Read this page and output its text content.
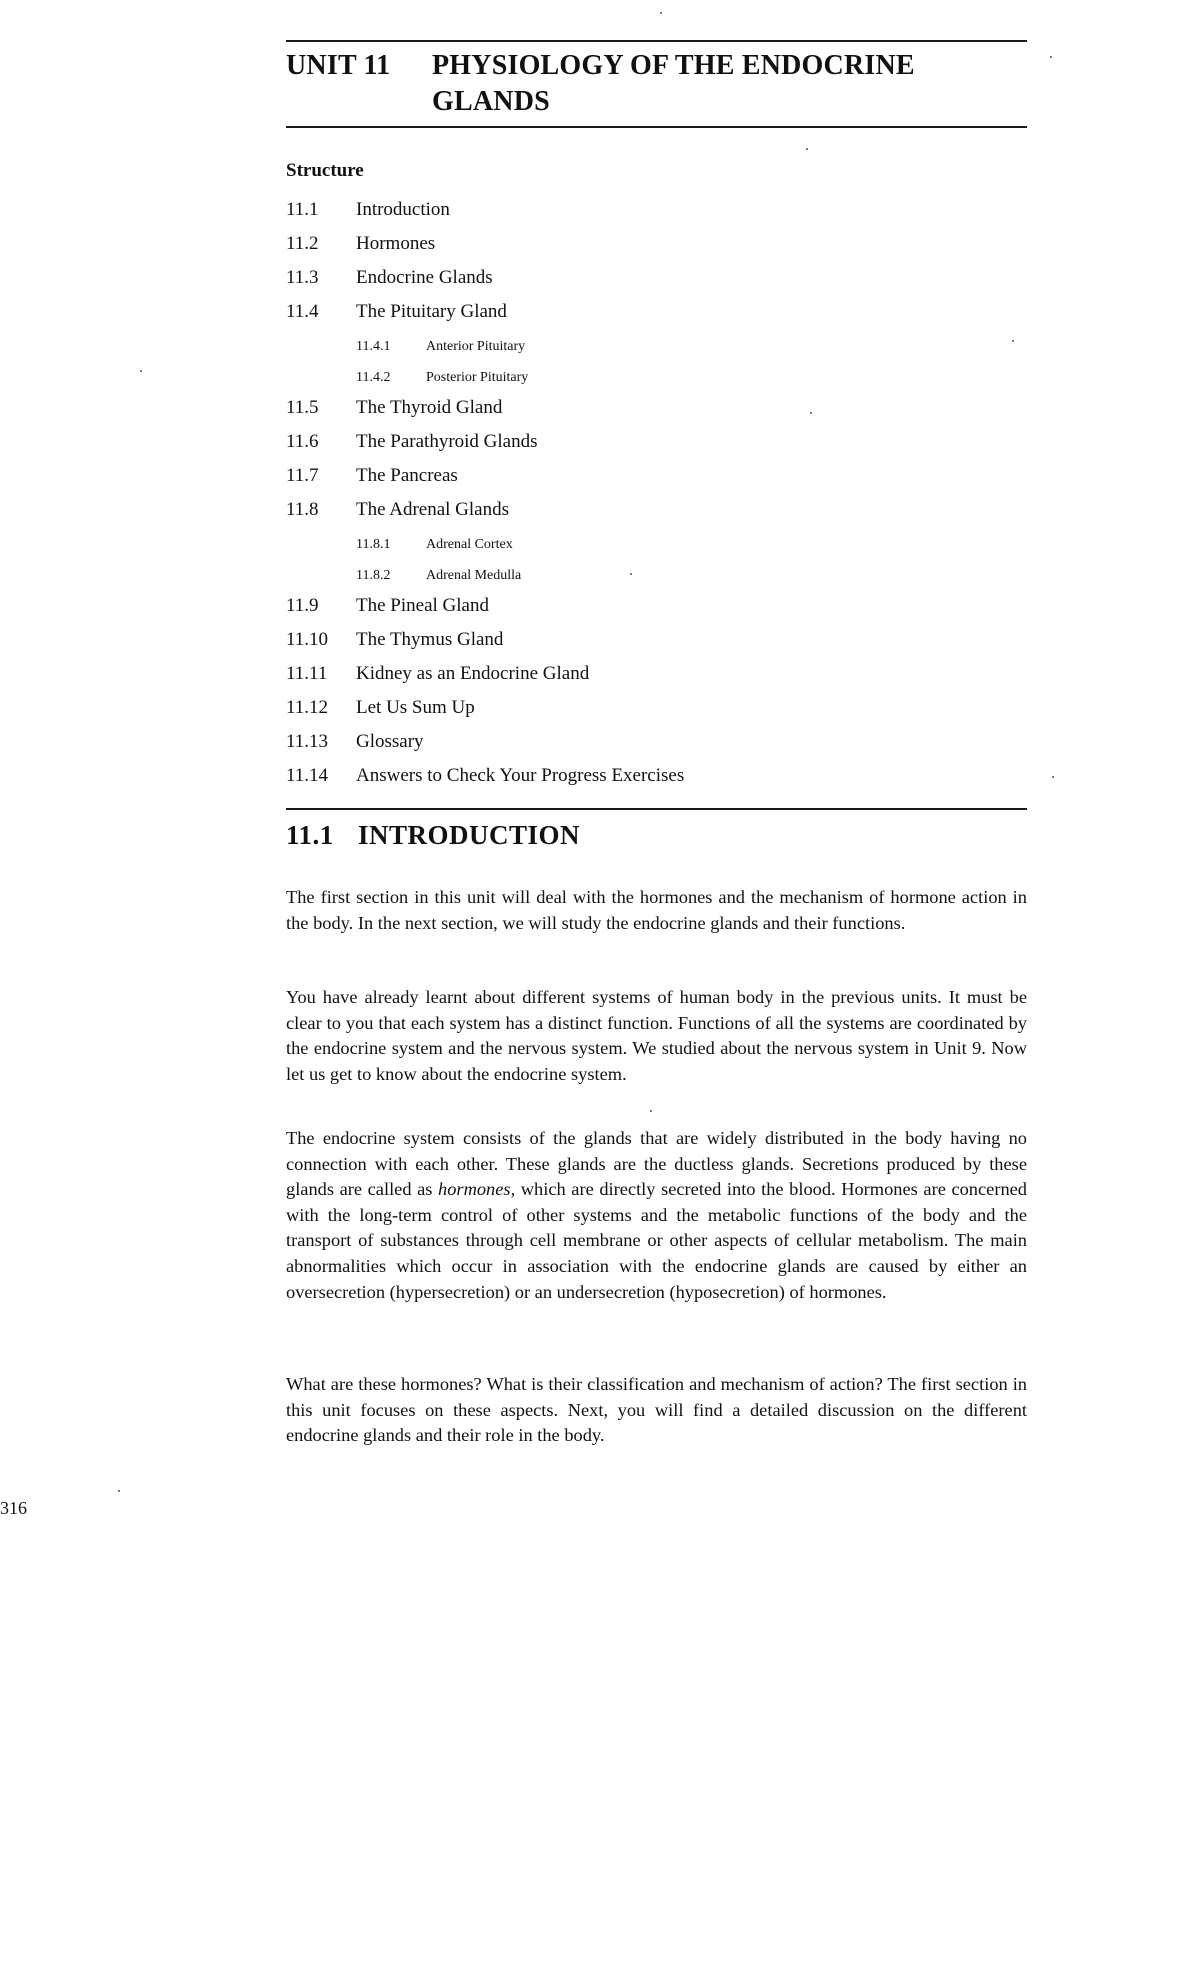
UNIT 11 PHYSIOLOGY OF THE ENDOCRINE GLANDS
Structure
11.1 Introduction
11.2 Hormones
11.3 Endocrine Glands
11.4 The Pituitary Gland
11.4.1	Anterior Pituitary
11.4.2	Posterior Pituitary
11.5 The Thyroid Gland
11.6 The Parathyroid Glands
11.7 The Pancreas
11.8 The Adrenal Glands
11.8.1	Adrenal Cortex
11.8.2	Adrenal Medulla
11.9 The Pineal Gland
11.10 The Thymus Gland
11.11 Kidney as an Endocrine Gland
11.12 Let Us Sum Up
11.13 Glossary
11.14 Answers to Check Your Progress Exercises
11.1 INTRODUCTION

The first section in this unit will deal with the hormones and the mechanism of hormone action in the body. In the next section, we will study the endocrine glands and their functions.

You have already learnt about different systems of human body in the previous units. It must be clear to you that each system has a distinct function. Functions of all the systems are coordinated by the endocrine system and the nervous system. We studied about the nervous system in Unit 9. Now let us get to know about the endocrine system.

The endocrine system consists of the glands that are widely distributed in the body having no connection with each other. These glands are the ductless glands. Secretions produced by these glands are called as hormones, which are directly secreted into the blood. Hormones are concerned with the long-term control of other systems and the metabolic functions of the body and the transport of substances through cell membrane or other aspects of cellular metabolism. The main abnormalities which occur in association with the endocrine glands are caused by either an oversecretion (hypersecretion) or an undersecretion (hyposecretion) of hormones.

What are these hormones? What is their classification and mechanism of action? The first section in this unit focuses on these aspects. Next, you will find a detailed discussion on the different endocrine glands and their role in the body.

316
